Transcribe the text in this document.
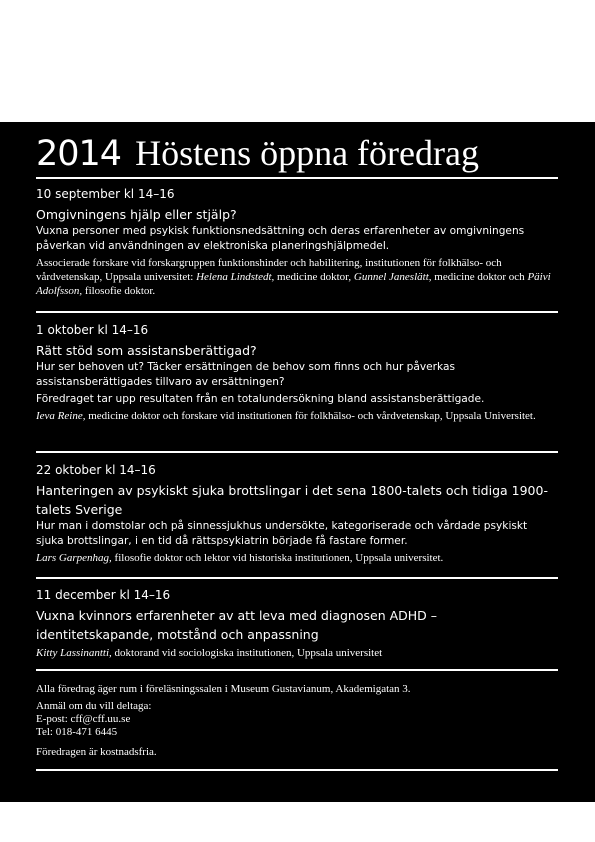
2014 Höstens öppna föredrag
10 september kl 14–16
Omgivningens hjälp eller stjälp?
Vuxna personer med psykisk funktionsnedsättning och deras erfarenheter av omgivningens påverkan vid användningen av elektroniska planeringshjälpmedel.
Associerade forskare vid forskargruppen funktionshinder och habilitering, institutionen för folkhälso- och vårdvetenskap, Uppsala universitet: Helena Lindstedt, medicine doktor, Gunnel Janeslätt, medicine doktor och Päivi Adolfsson, filosofie doktor.
1 oktober kl 14–16
Rätt stöd som assistansberättigad?
Hur ser behoven ut? Täcker ersättningen de behov som finns och hur påverkas assistansberättigades tillvaro av ersättningen?
Föredraget tar upp resultaten från en totalundersökning bland assistansberättigade.
Ieva Reine, medicine doktor och forskare vid institutionen för folkhälso- och vårdvetenskap, Uppsala Universitet.
22 oktober kl 14–16
Hanteringen av psykiskt sjuka brottslingar i det sena 1800-talets och tidiga 1900-talets Sverige
Hur man i domstolar och på sinnessjukhus undersökte, kategoriserade och vårdade psykiskt sjuka brottslingar, i en tid då rättspsykiatrin började få fastare former.
Lars Garpenhag, filosofie doktor och lektor vid historiska institutionen, Uppsala universitet.
11 december kl 14–16
Vuxna kvinnors erfarenheter av att leva med diagnosen ADHD – identitetskapande, motstånd och anpassning
Kitty Lassinantti, doktorand vid sociologiska institutionen, Uppsala universitet

Alla föredrag äger rum i föreläsningssalen i Museum Gustavianum, Akademigatan 3.

Anmäl om du vill deltaga:

E-post: cff@cff.uu.se

Tel: 018-471 6445

Föredragen är kostnadsfria.
